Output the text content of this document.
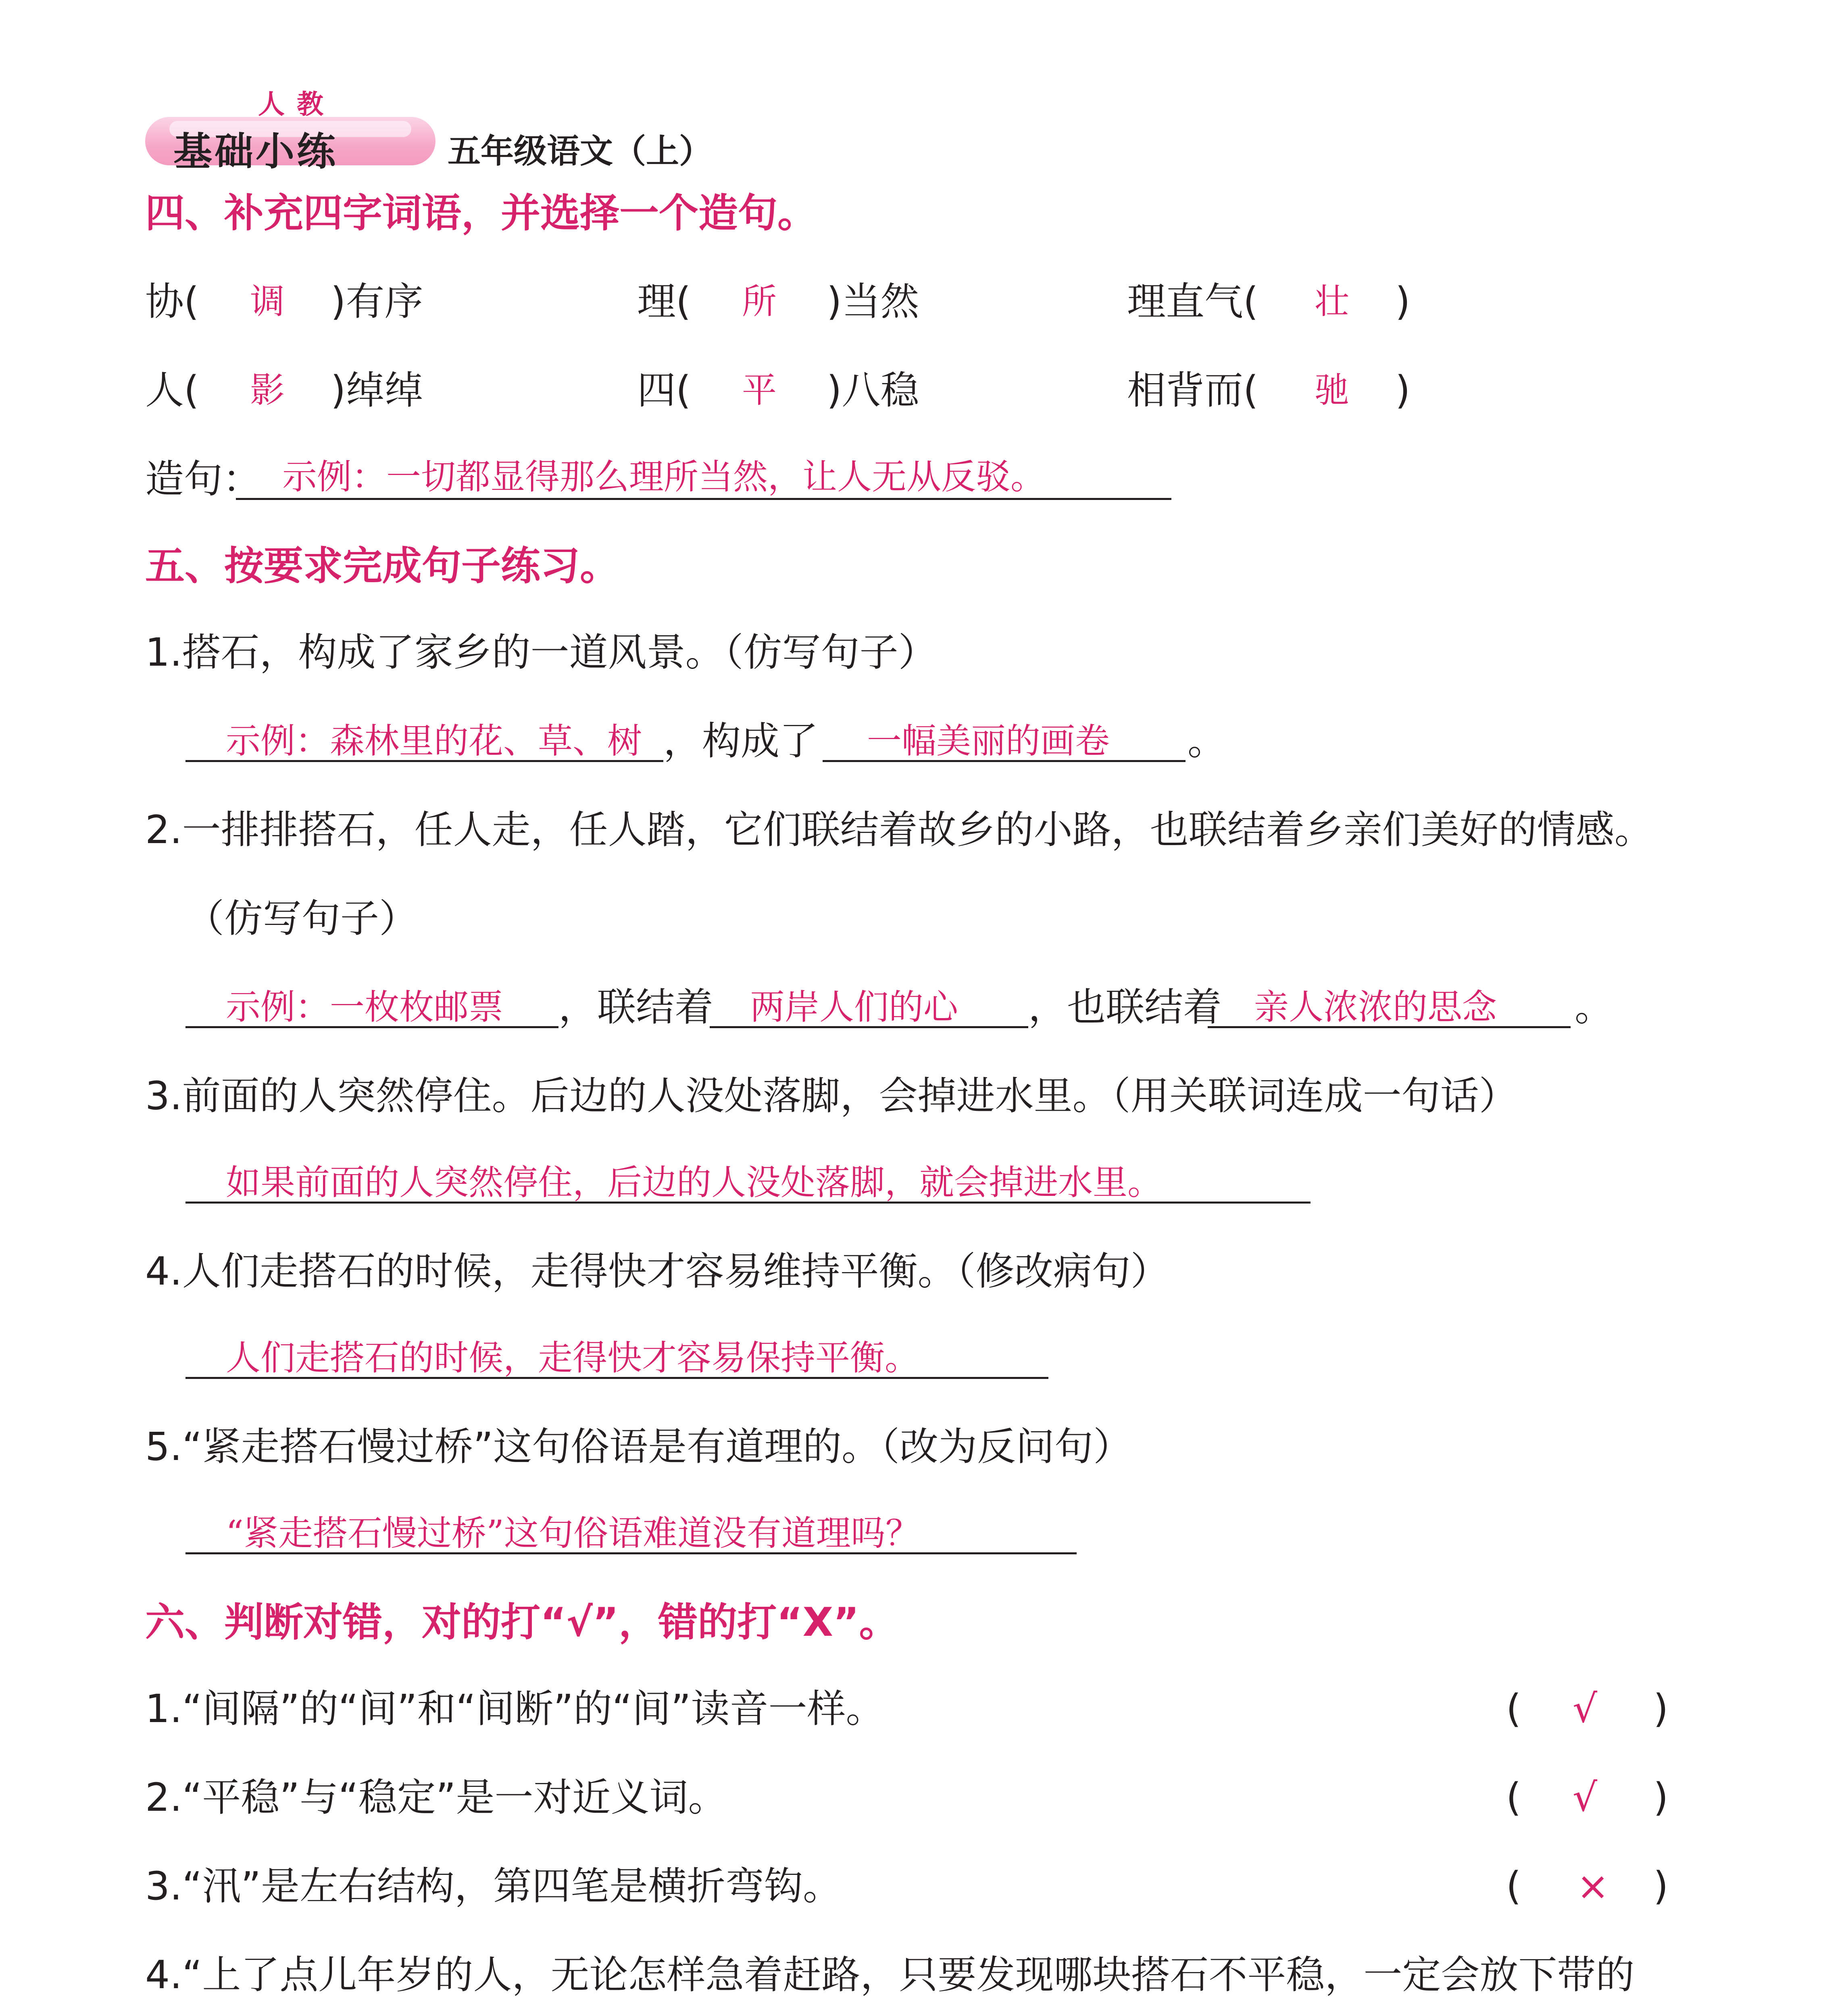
人教
基础小练	五年级语文（上）
四、补充四字词语，并选择一个造句。
协( 调 )有序	理( 所 )当然	理直气( 壮 )
人( 影 )绰绰	四( 平 )八稳	相背而( 驰 )
造句： 示例：一切都显得那么理所当然，让人无从反驳。
五、按要求完成句子练习。
1.搭石，构成了家乡的一道风景。（仿写句子）
示例：森林里的花、草、树 ，构成了 一幅美丽的画卷 。
2.一排排搭石，任人走，任人踏，它们联结着故乡的小路，也联结着乡亲们美好的情感。
（仿写句子）
示例：一枚枚邮票 ，联结着 两岸人们的心 ，也联结着 亲人浓浓的思念 。
3.前面的人突然停住。后边的人没处落脚，会掉进水里。（用关联词连成一句话）
如果前面的人突然停住，后边的人没处落脚，就会掉进水里。
4.人们走搭石的时候，走得快才容易维持平衡。（修改病句）
人们走搭石的时候，走得快才容易保持平衡。
5.“紧走搭石慢过桥”这句俗语是有道理的。（改为反问句）
“紧走搭石慢过桥”这句俗语难道没有道理吗？
六、判断对错，对的打“√”，错的打“X”。
1.“间隔”的“间”和“间断”的“间”读音一样。	( √ )
2.“平稳”与“稳定”是一对近义词。	( √ )
3.“汛”是左右结构，第四笔是横折弯钩。	( × )
4.“上了点儿年岁的人，无论怎样急着赶路，只要发现哪块搭石不平稳，一定会放下带的
